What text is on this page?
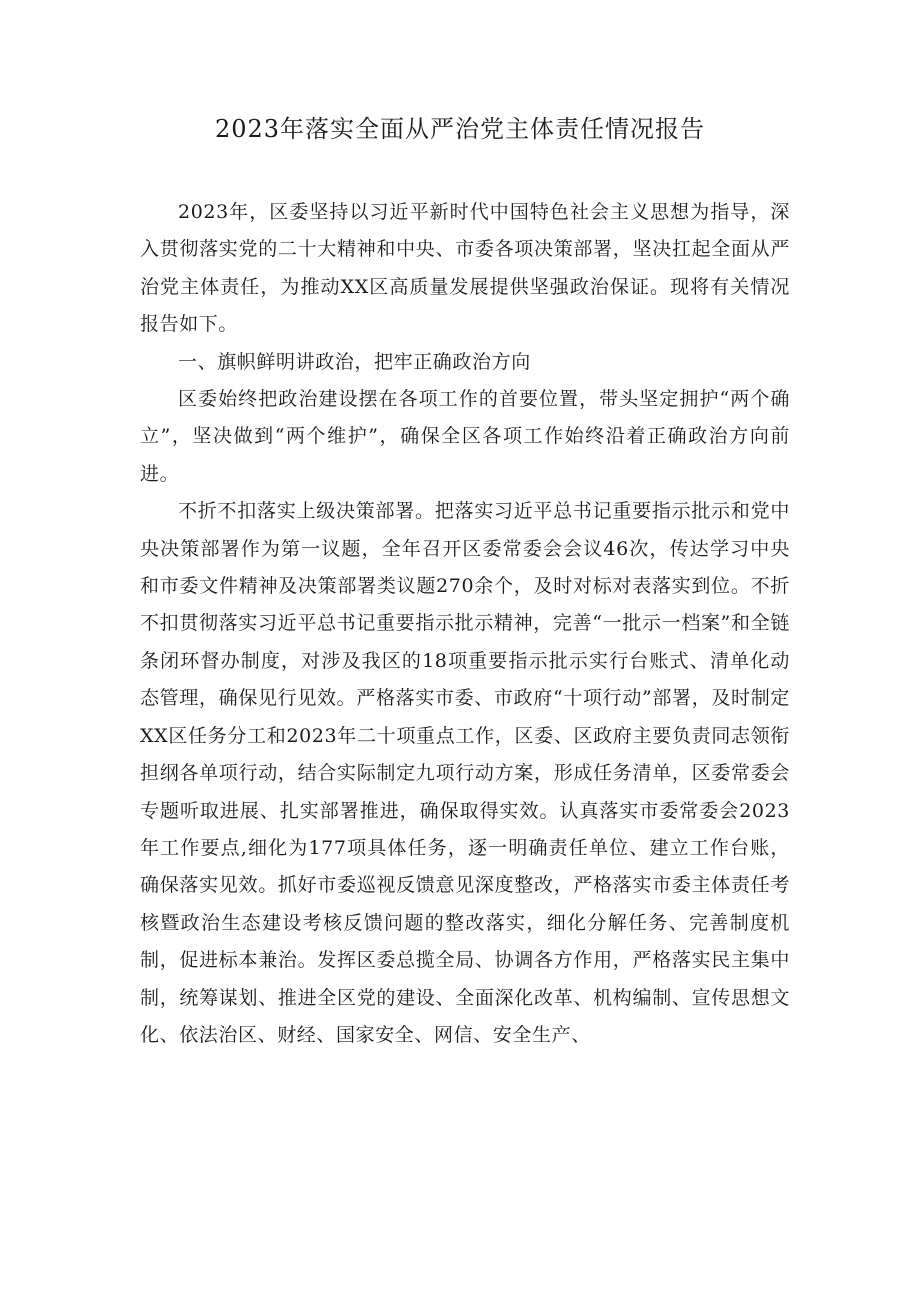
2023年落实全面从严治党主体责任情况报告

2023年，区委坚持以习近平新时代中国特色社会主义思想为指导，深入贯彻落实党的二十大精神和中央、市委各项决策部署，坚决扛起全面从严治党主体责任，为推动XX区高质量发展提供坚强政治保证。现将有关情况报告如下。

一、旗帜鲜明讲政治，把牢正确政治方向

区委始终把政治建设摆在各项工作的首要位置，带头坚定拥护“两个确立”，坚决做到“两个维护”，确保全区各项工作始终沿着正确政治方向前进。

不折不扣落实上级决策部署。把落实习近平总书记重要指示批示和党中央决策部署作为第一议题，全年召开区委常委会会议46次，传达学习中央和市委文件精神及决策部署类议题270余个，及时对标对表落实到位。不折不扣贯彻落实习近平总书记重要指示批示精神，完善“一批示一档案”和全链条闭环督办制度，对涉及我区的18项重要指示批示实行台账式、清单化动态管理，确保见行见效。严格落实市委、市政府“十项行动”部署，及时制定XX区任务分工和2023年二十项重点工作，区委、区政府主要负责同志领衔担纲各单项行动，结合实际制定九项行动方案，形成任务清单，区委常委会专题听取进展、扎实部署推进，确保取得实效。认真落实市委常委会2023年工作要点,细化为177项具体任务，逐一明确责任单位、建立工作台账，确保落实见效。抓好市委巡视反馈意见深度整改，严格落实市委主体责任考核暨政治生态建设考核反馈问题的整改落实，细化分解任务、完善制度机制，促进标本兼治。发挥区委总揽全局、协调各方作用，严格落实民主集中制，统筹谋划、推进全区党的建设、全面深化改革、机构编制、宣传思想文化、依法治区、财经、国家安全、网信、安全生产、
